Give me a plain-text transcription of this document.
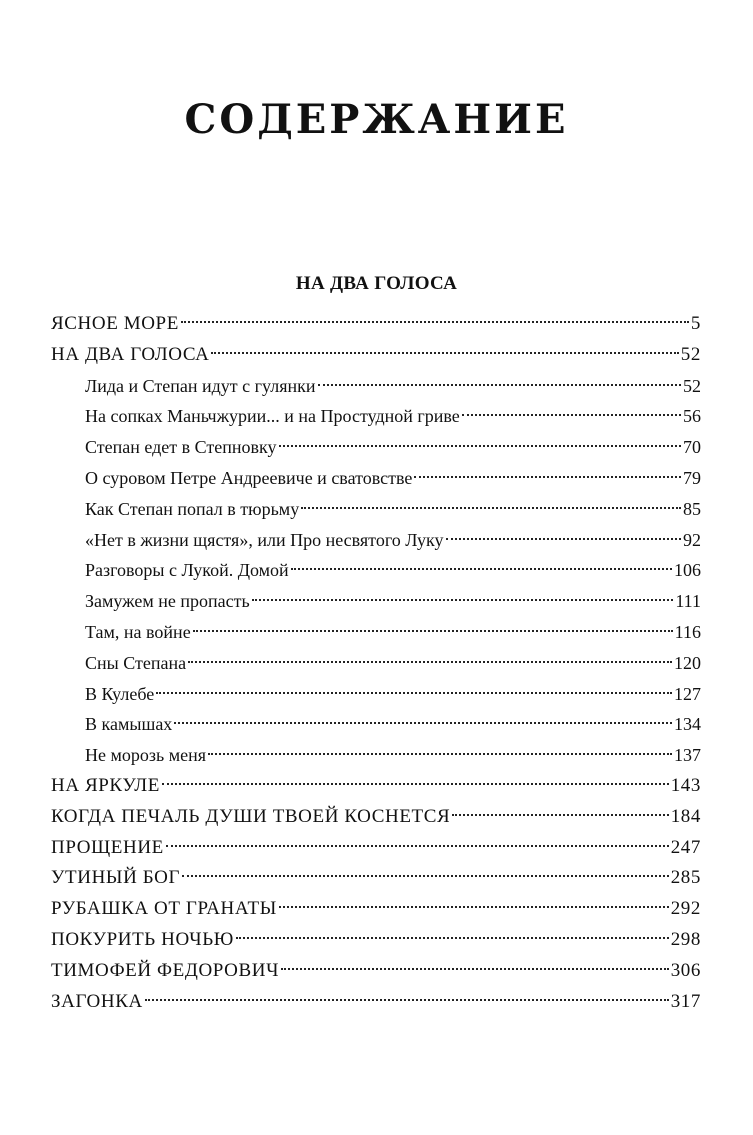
СОДЕРЖАНИЕ
НА ДВА ГОЛОСА
ЯСНОЕ МОРЕ	5
НА ДВА ГОЛОСА	52
Лида и Степан идут с гулянки	52
На сопках Маньчжурии... и на Простудной гриве	56
Степан едет в Степновку	70
О суровом Петре Андреевиче и сватовстве	79
Как Степан попал в тюрьму	85
«Нет в жизни щястя», или Про несвятого Луку	92
Разговоры с Лукой. Домой	106
Замужем не пропасть	111
Там, на войне	116
Сны Степана	120
В Кулебе	127
В камышах	134
Не морозь меня	137
НА ЯРКУЛЕ	143
КОГДА ПЕЧАЛЬ ДУШИ ТВОЕЙ КОСНЕТСЯ	184
ПРОЩЕНИЕ	247
УТИНЫЙ БОГ	285
РУБАШКА ОТ ГРАНАТЫ	292
ПОКУРИТЬ НОЧЬЮ	298
ТИМОФЕЙ ФЕДОРОВИЧ	306
ЗАГОНКА	317
